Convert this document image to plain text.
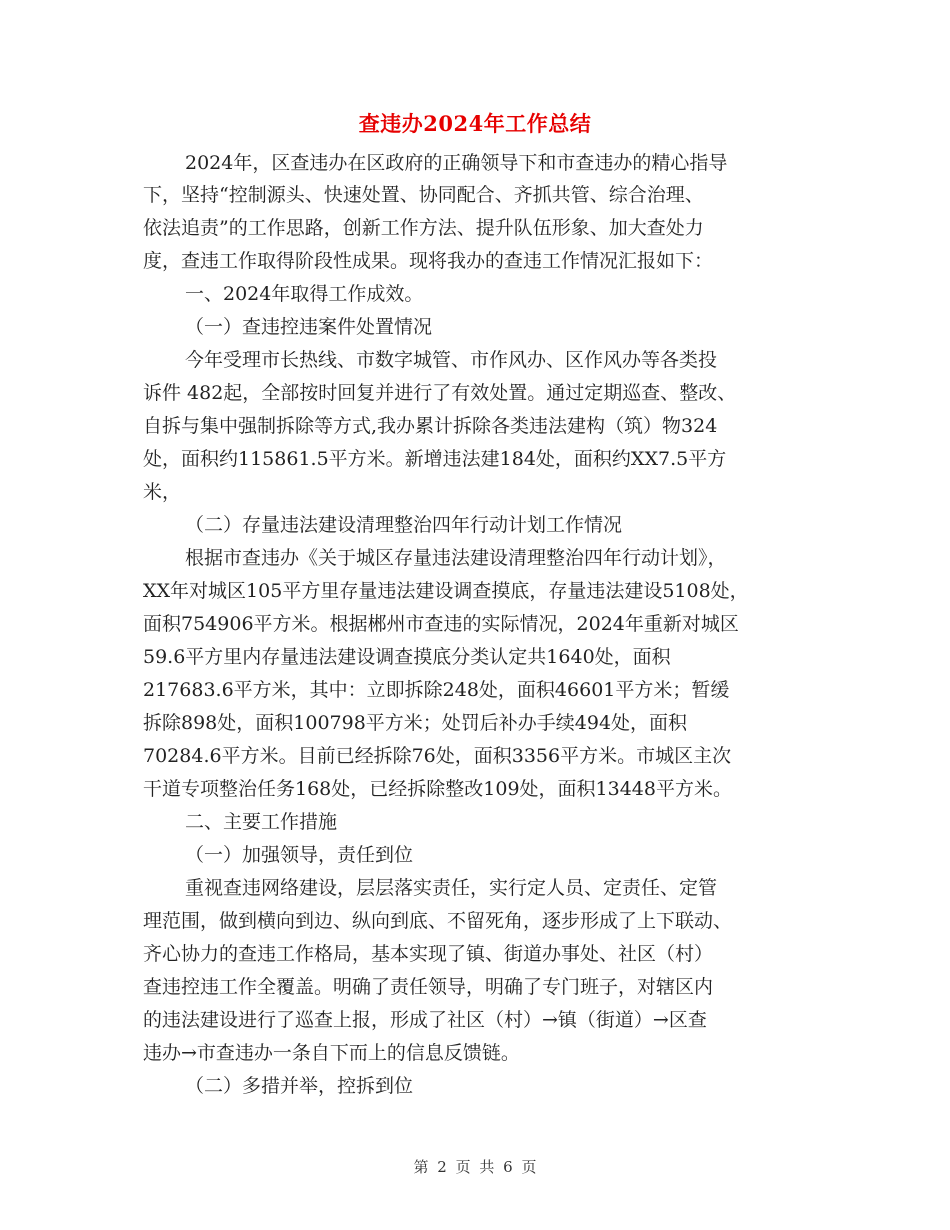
查违办2024年工作总结
2024年，区查违办在区政府的正确领导下和市查违办的精心指导
下，坚持“控制源头、快速处置、协同配合、齐抓共管、综合治理、
依法追责”的工作思路，创新工作方法、提升队伍形象、加大查处力
度，查违工作取得阶段性成果。现将我办的查违工作情况汇报如下：
一、2024年取得工作成效。
（一）查违控违案件处置情况
今年受理市长热线、市数字城管、市作风办、区作风办等各类投
诉件 482起，全部按时回复并进行了有效处置。通过定期巡查、整改、
自拆与集中强制拆除等方式,我办累计拆除各类违法建构（筑）物324
处，面积约115861.5平方米。新增违法建184处，面积约XX7.5平方
米，
（二）存量违法建设清理整治四年行动计划工作情况
根据市查违办《关于城区存量违法建设清理整治四年行动计划》，
XX年对城区105平方里存量违法建设调查摸底，存量违法建设5108处，
面积754906平方米。根据郴州市查违的实际情况，2024年重新对城区
59.6平方里内存量违法建设调查摸底分类认定共1640处，面积
217683.6平方米，其中：立即拆除248处，面积46601平方米；暂缓
拆除898处，面积100798平方米；处罚后补办手续494处，面积
70284.6平方米。目前已经拆除76处，面积3356平方米。市城区主次
干道专项整治任务168处，已经拆除整改109处，面积13448平方米。
二、主要工作措施
（一）加强领导，责任到位
重视查违网络建设，层层落实责任，实行定人员、定责任、定管
理范围，做到横向到边、纵向到底、不留死角，逐步形成了上下联动、
齐心协力的查违工作格局，基本实现了镇、街道办事处、社区（村）
查违控违工作全覆盖。明确了责任领导，明确了专门班子，对辖区内
的违法建设进行了巡查上报，形成了社区（村）→镇（街道）→区查
违办→市查违办一条自下而上的信息反馈链。
（二）多措并举，控拆到位
第 2 页 共 6 页
